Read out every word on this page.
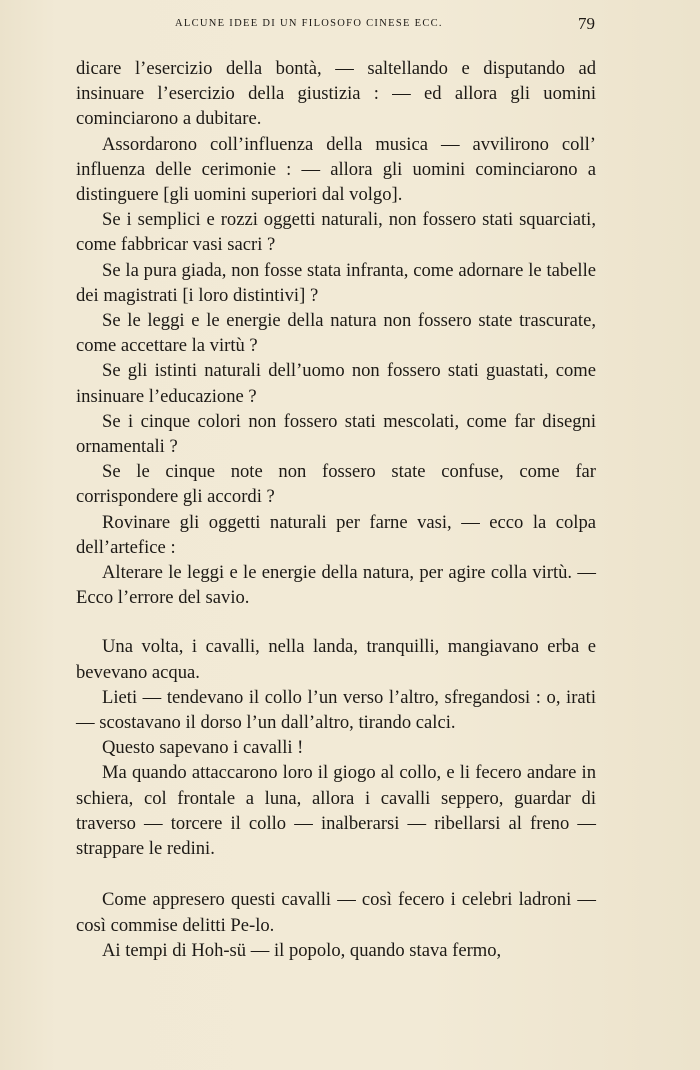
ALCUNE IDEE DI UN FILOSOFO CINESE ECC.	79

dicare l’esercizio della bontà, — saltellando e disputando ad insinuare l’esercizio della giustizia : — ed allora gli uomini cominciarono a dubitare.

Assordarono coll’influenza della musica — avvilirono coll’ influenza delle cerimonie : — allora gli uomini cominciarono a distinguere [gli uomini superiori dal volgo].

Se i semplici e rozzi oggetti naturali, non fossero stati squarciati, come fabbricar vasi sacri ?

Se la pura giada, non fosse stata infranta, come adornare le tabelle dei magistrati [i loro distintivi] ?

Se le leggi e le energie della natura non fossero state trascurate, come accettare la virtù ?

Se gli istinti naturali dell’uomo non fossero stati guastati, come insinuare l’educazione ?

Se i cinque colori non fossero stati mescolati, come far disegni ornamentali ?

Se le cinque note non fossero state confuse, come far corrispondere gli accordi ?

Rovinare gli oggetti naturali per farne vasi, — ecco la colpa dell’artefice :

Alterare le leggi e le energie della natura, per agire colla virtù. — Ecco l’errore del savio.

Una volta, i cavalli, nella landa, tranquilli, mangiavano erba e bevevano acqua.

Lieti — tendevano il collo l’un verso l’altro, sfregandosi : o, irati — scostavano il dorso l’un dall’altro, tirando calci.

Questo sapevano i cavalli !

Ma quando attaccarono loro il giogo al collo, e li fecero andare in schiera, col frontale a luna, allora i cavalli seppero, guardar di traverso — torcere il collo — inalberarsi — ribellarsi al freno — strappare le redini.

Come appresero questi cavalli — così fecero i celebri ladroni — così commise delitti Pe-lo.

Ai tempi di Hoh-sü — il popolo, quando stava fermo,
